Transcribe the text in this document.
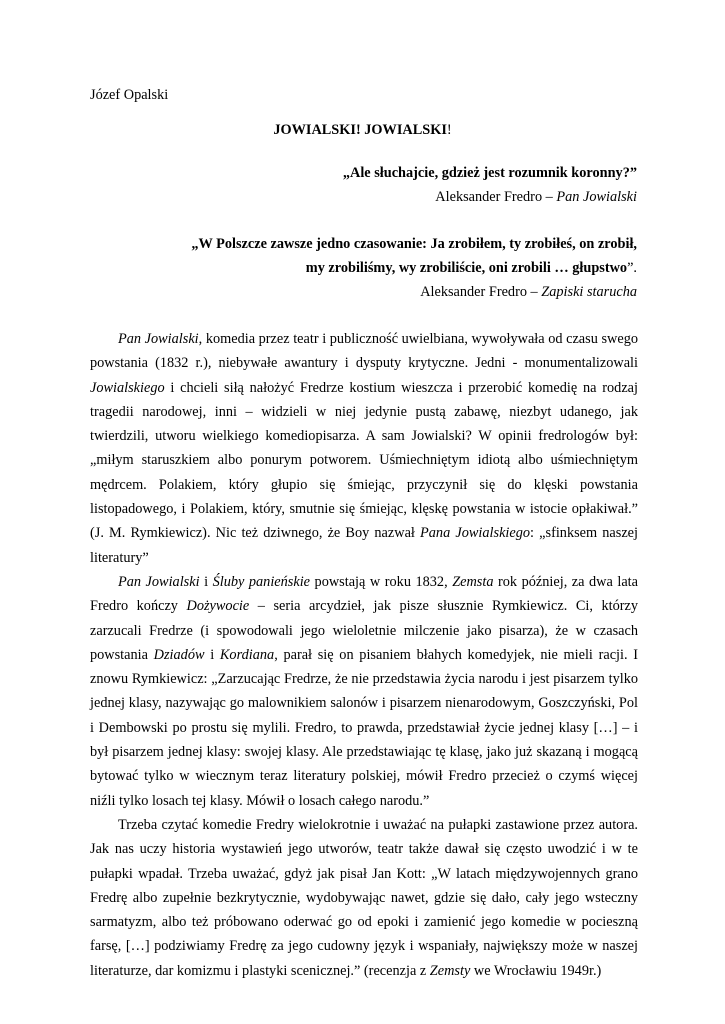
Józef Opalski
JOWIALSKI! JOWIALSKI!
„Ale słuchajcie, gdzież jest rozumnik koronny?”
Aleksander Fredro – Pan Jowialski
„W Polszcze zawsze jedno czasowanie: Ja zrobiłem, ty zrobiłeś, on zrobił,
my zrobiliśmy, wy zrobiliście, oni zrobili … głupstwo”.
Aleksander Fredro – Zapiski starucha

Pan Jowialski, komedia przez teatr i publiczność uwielbiana, wywoływała od czasu swego powstania (1832 r.), niebywałe awantury i dysputy krytyczne. Jedni - monumentalizowali Jowialskiego i chcieli siłą nałożyć Fredrze kostium wieszcza i przerobić komedię na rodzaj tragedii narodowej, inni – widzieli w niej jedynie pustą zabawę, niezbyt udanego, jak twierdzili, utworu wielkiego komediopisarza. A sam Jowialski? W opinii fredrologów był: „miłym staruszkiem albo ponurym potworem. Uśmiechniętym idiotą albo uśmiechniętym mędrcem. Polakiem, który głupio się śmiejąc, przyczynił się do klęski powstania listopadowego, i Polakiem, który, smutnie się śmiejąc, klęskę powstania w istocie opłakiwał.” (J. M. Rymkiewicz). Nic też dziwnego, że Boy nazwał Pana Jowialskiego: „sfinksem naszej literatury”

Pan Jowialski i Śluby panieńskie powstają w roku 1832, Zemsta rok później, za dwa lata Fredro kończy Dożywocie – seria arcydzieł, jak pisze słusznie Rymkiewicz. Ci, którzy zarzucali Fredrze (i spowodowali jego wieloletnie milczenie jako pisarza), że w czasach powstania Dziadów i Kordiana, parał się on pisaniem błahych komedyjek, nie mieli racji. I znowu Rymkiewicz: „Zarzucając Fredrze, że nie przedstawia życia narodu i jest pisarzem tylko jednej klasy, nazywając go malownikiem salonów i pisarzem nienarodowym, Goszczyński, Pol i Dembowski po prostu się mylili. Fredro, to prawda, przedstawiał życie jednej klasy […] – i był pisarzem jednej klasy: swojej klasy. Ale przedstawiając tę klasę, jako już skazaną i mogącą bytować tylko w wiecznym teraz literatury polskiej, mówił Fredro przecież o czymś więcej niźli tylko losach tej klasy. Mówił o losach całego narodu.”

Trzeba czytać komedie Fredry wielokrotnie i uważać na pułapki zastawione przez autora. Jak nas uczy historia wystawień jego utworów, teatr także dawał się często uwodzić i w te pułapki wpadał. Trzeba uważać, gdyż jak pisał Jan Kott: „W latach międzywojennych grano Fredrę albo zupełnie bezkrytycznie, wydobywając nawet, gdzie się dało, cały jego wsteczny sarmatyzm, albo też próbowano oderwać go od epoki i zamienić jego komedie w pocieszną farsę, […] podziwiamy Fredrę za jego cudowny język i wspaniały, największy może w naszej literaturze, dar komizmu i plastyki scenicznej.” (recenzja z Zemsty we Wrocławiu 1949r.)
